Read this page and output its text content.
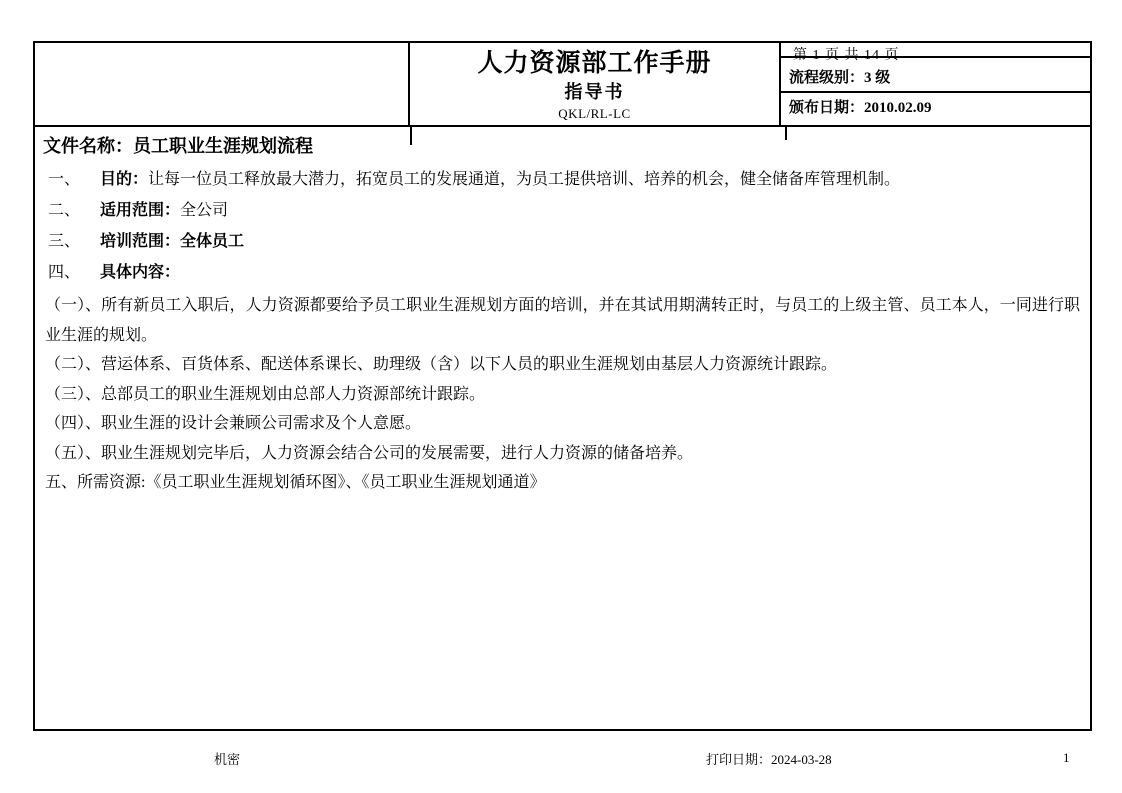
人力资源部工作手册
指导书
QKL/RL-LC
第 1 页 共 14 页
流程级别：3 级
颁布日期：2010.02.09
文件名称：员工职业生涯规划流程
一、 目的：让每一位员工释放最大潜力，拓宽员工的发展通道，为员工提供培训、培养的机会，健全储备库管理机制。
二、 适用范围：全公司
三、 培训范围：全体员工
四、 具体内容：
（一）、所有新员工入职后，人力资源都要给予员工职业生涯规划方面的培训，并在其试用期满转正时，与员工的上级主管、员工本人，一同进行职业生涯的规划。
（二）、营运体系、百货体系、配送体系课长、助理级（含）以下人员的职业生涯规划由基层人力资源统计跟踪。
（三）、总部员工的职业生涯规划由总部人力资源部统计跟踪。
（四）、职业生涯的设计会兼顾公司需求及个人意愿。
（五）、职业生涯规划完毕后，人力资源会结合公司的发展需要，进行人力资源的储备培养。
五、所需资源:《员工职业生涯规划循环图》、《员工职业生涯规划通道》
机密	打印日期：2024-03-28	1
